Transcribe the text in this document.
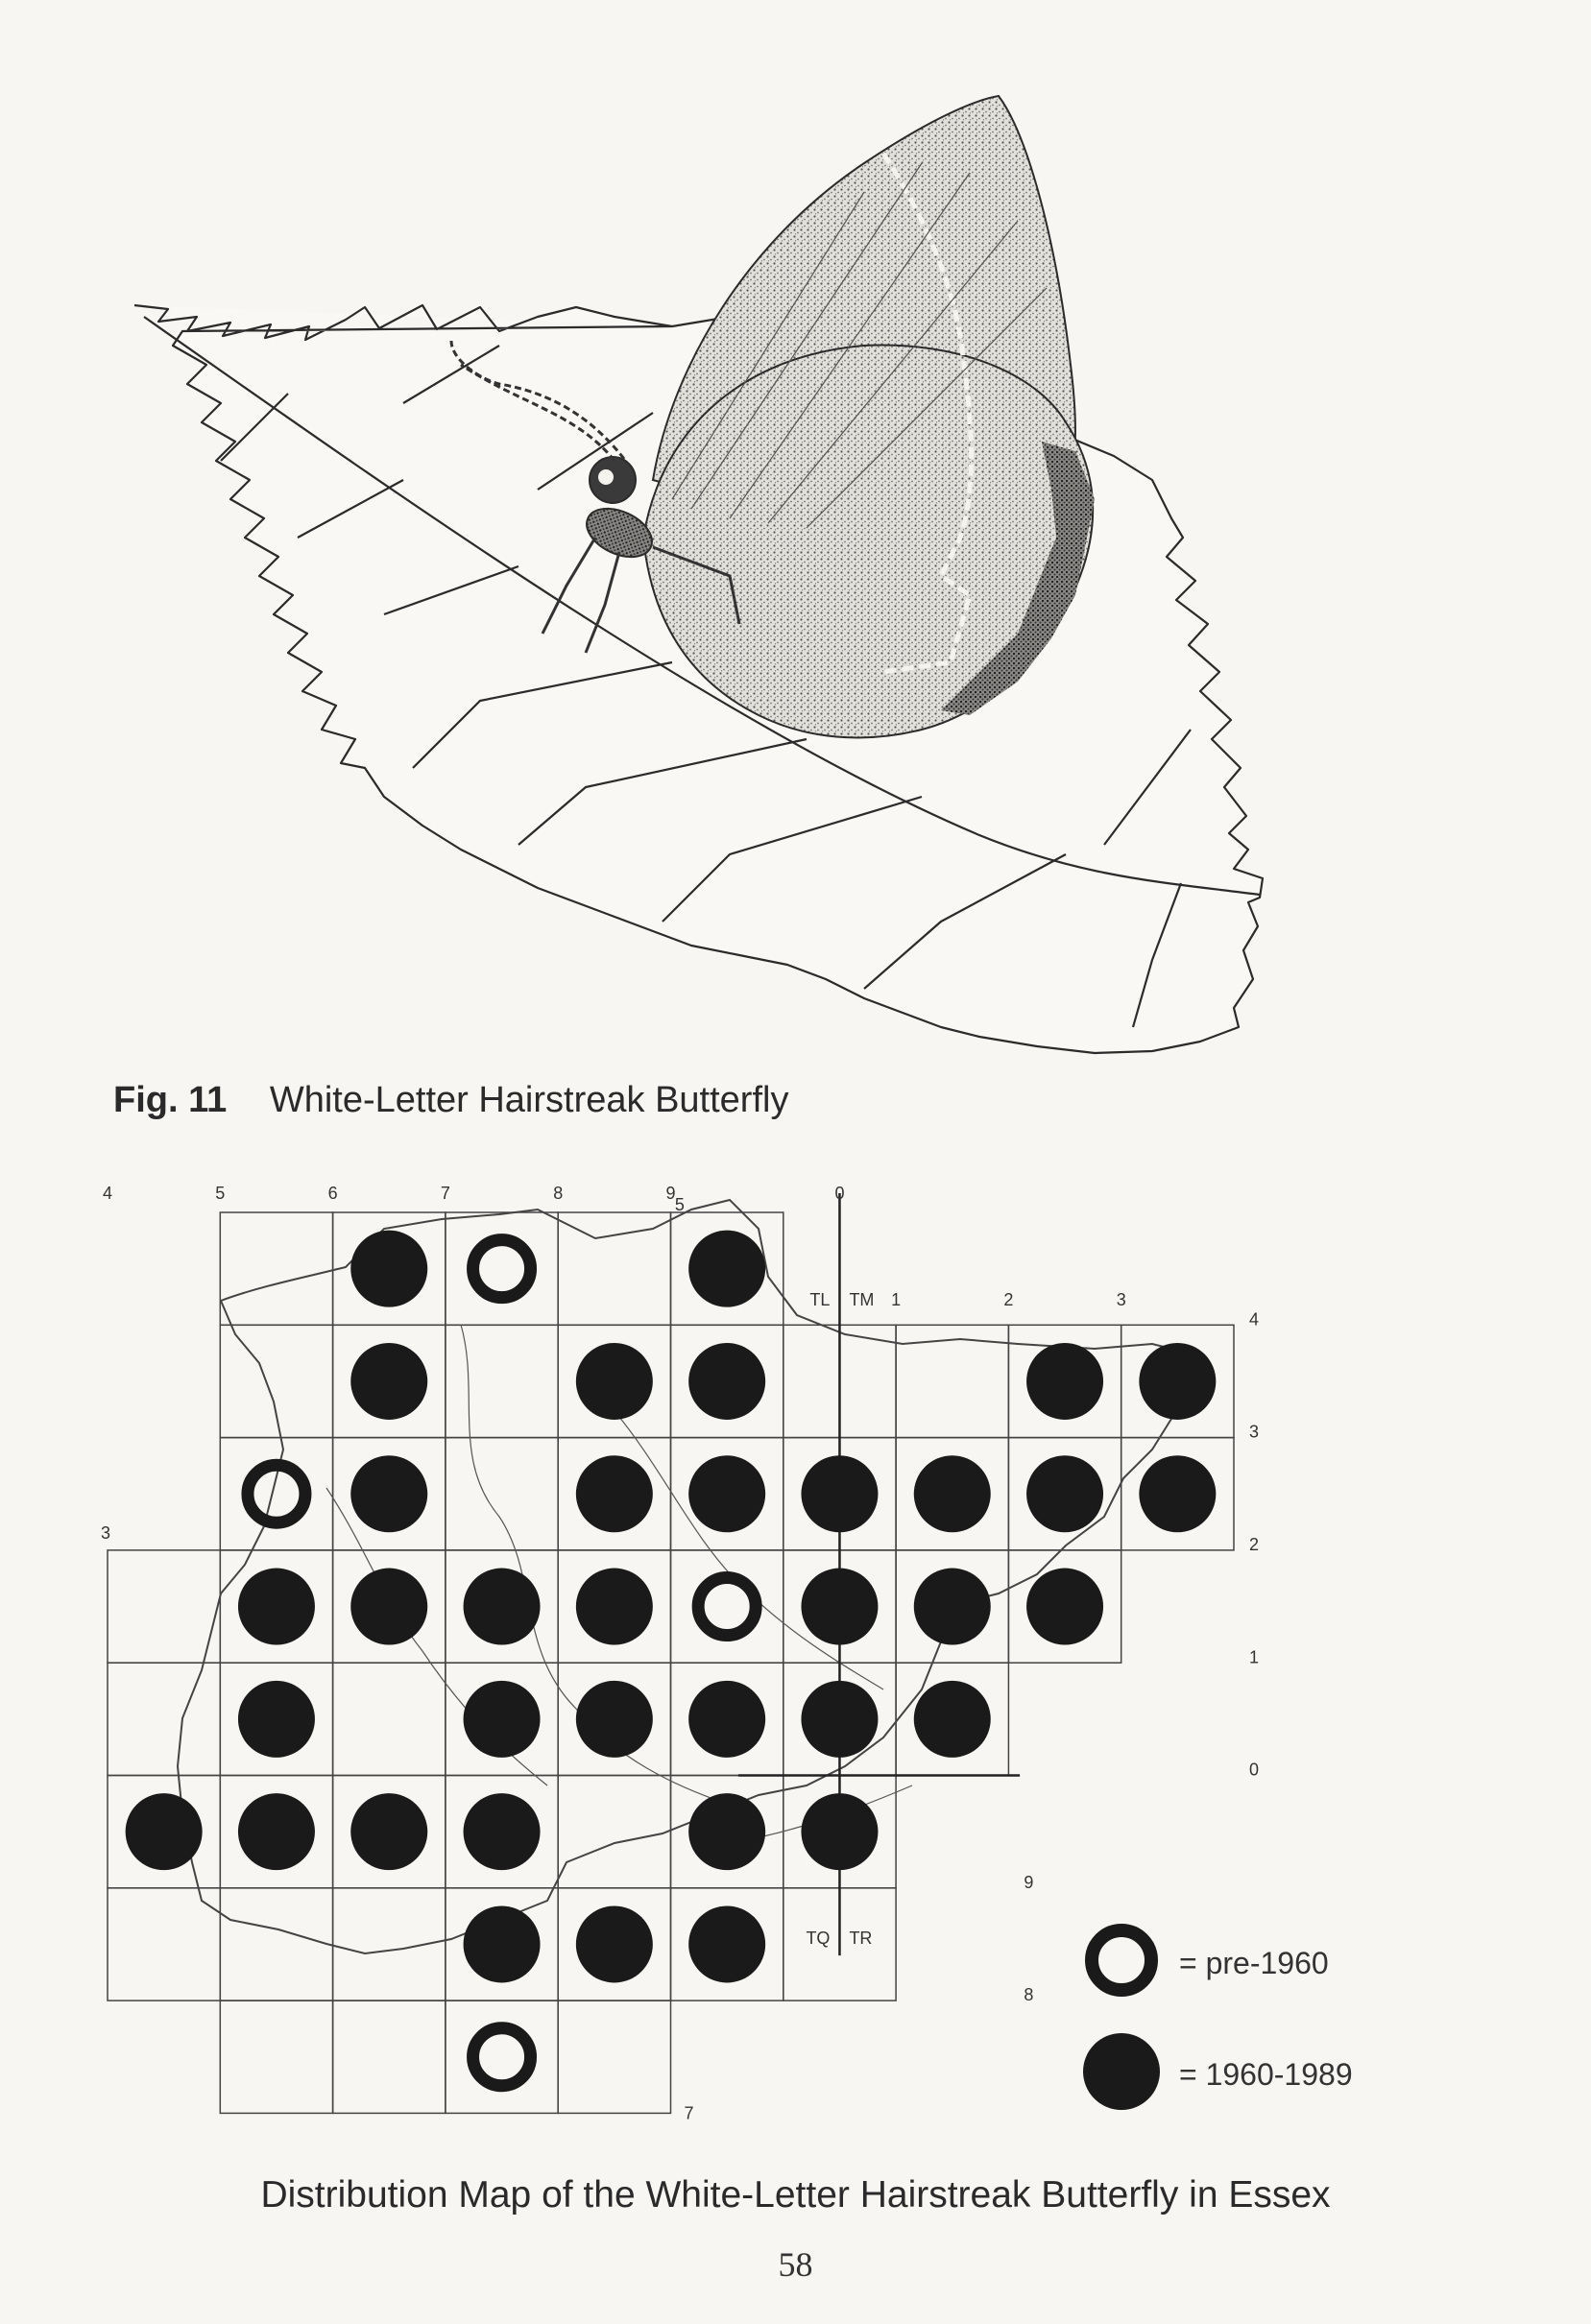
Fig. 11 White-Letter Hairstreak Butterfly
4	5	6	7	8	9
5
0
1	2	3
4
3
2
1
0
9
8
7
3
TL TM
TQ TR
= pre-1960
= 1960-1989
Distribution Map of the White-Letter Hairstreak Butterfly in Essex
58
